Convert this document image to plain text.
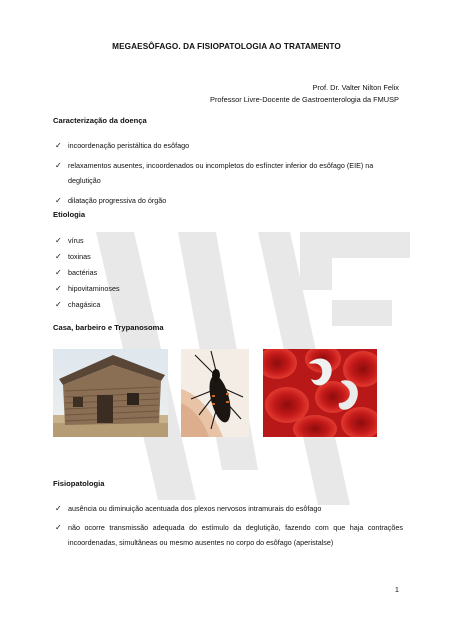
MEGAESÔFAGO. DA FISIOPATOLOGIA AO TRATAMENTO
Prof. Dr. Valter Nilton Felix
Professor Livre-Docente de Gastroenterologia da FMUSP
Caracterização da doença
✓ incoordenação peristáltica do esôfago
✓ relaxamentos ausentes, incoordenados ou incompletos do esfíncter inferior do esôfago (EIE) na deglutição
✓ dilatação progressiva do órgão
Etiologia
✓ vírus
✓ toxinas
✓ bactérias
✓ hipovitaminoses
✓ chagásica
Casa, barbeiro e Trypanosoma
Fisiopatologia
✓ ausência ou diminuição acentuada dos plexos nervosos intramurais do esôfago
✓ não ocorre transmissão adequada do estímulo da deglutição, fazendo com que haja contrações incoordenadas, simultâneas ou mesmo ausentes no corpo do esôfago (aperistalse)
1
